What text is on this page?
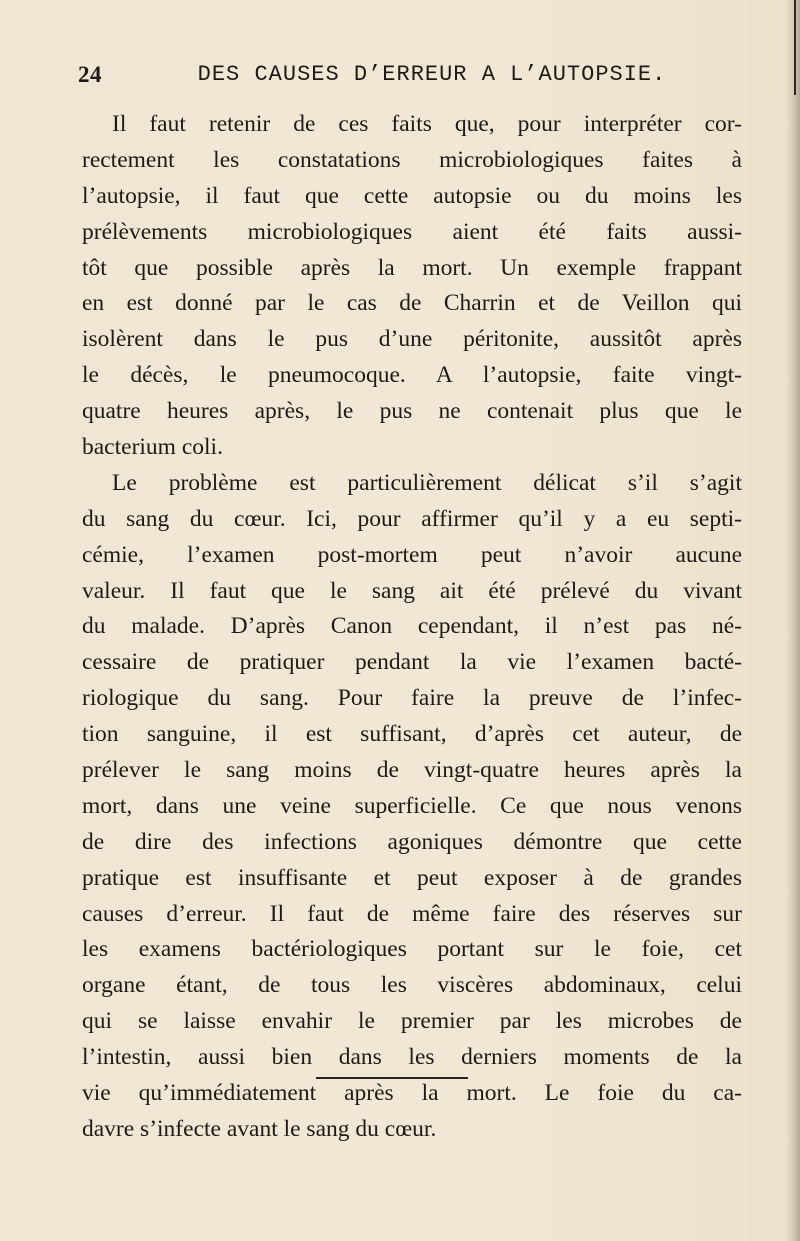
24	DES CAUSES D’ERREUR A L’AUTOPSIE.
Il faut retenir de ces faits que, pour interpréter cor-
rectement les constatations microbiologiques faites à
l’autopsie, il faut que cette autopsie ou du moins les
prélèvements microbiologiques aient été faits aussi-
tôt que possible après la mort. Un exemple frappant
en est donné par le cas de Charrin et de Veillon qui
isolèrent dans le pus d’une péritonite, aussitôt après
le décès, le pneumocoque. A l’autopsie, faite vingt-
quatre heures après, le pus ne contenait plus que le
bacterium coli.
Le problème est particulièrement délicat s’il s’agit
du sang du cœur. Ici, pour affirmer qu’il y a eu septi-
cémie, l’examen post-mortem peut n’avoir aucune
valeur. Il faut que le sang ait été prélevé du vivant
du malade. D’après Canon cependant, il n’est pas né-
cessaire de pratiquer pendant la vie l’examen bacté-
riologique du sang. Pour faire la preuve de l’infec-
tion sanguine, il est suffisant, d’après cet auteur, de
prélever le sang moins de vingt-quatre heures après la
mort, dans une veine superficielle. Ce que nous venons
de dire des infections agoniques démontre que cette
pratique est insuffisante et peut exposer à de grandes
causes d’erreur. Il faut de même faire des réserves sur
les examens bactériologiques portant sur le foie, cet
organe étant, de tous les viscères abdominaux, celui
qui se laisse envahir le premier par les microbes de
l’intestin, aussi bien dans les derniers moments de la
vie qu’immédiatement après la mort. Le foie du ca-
davre s’infecte avant le sang du cœur.
